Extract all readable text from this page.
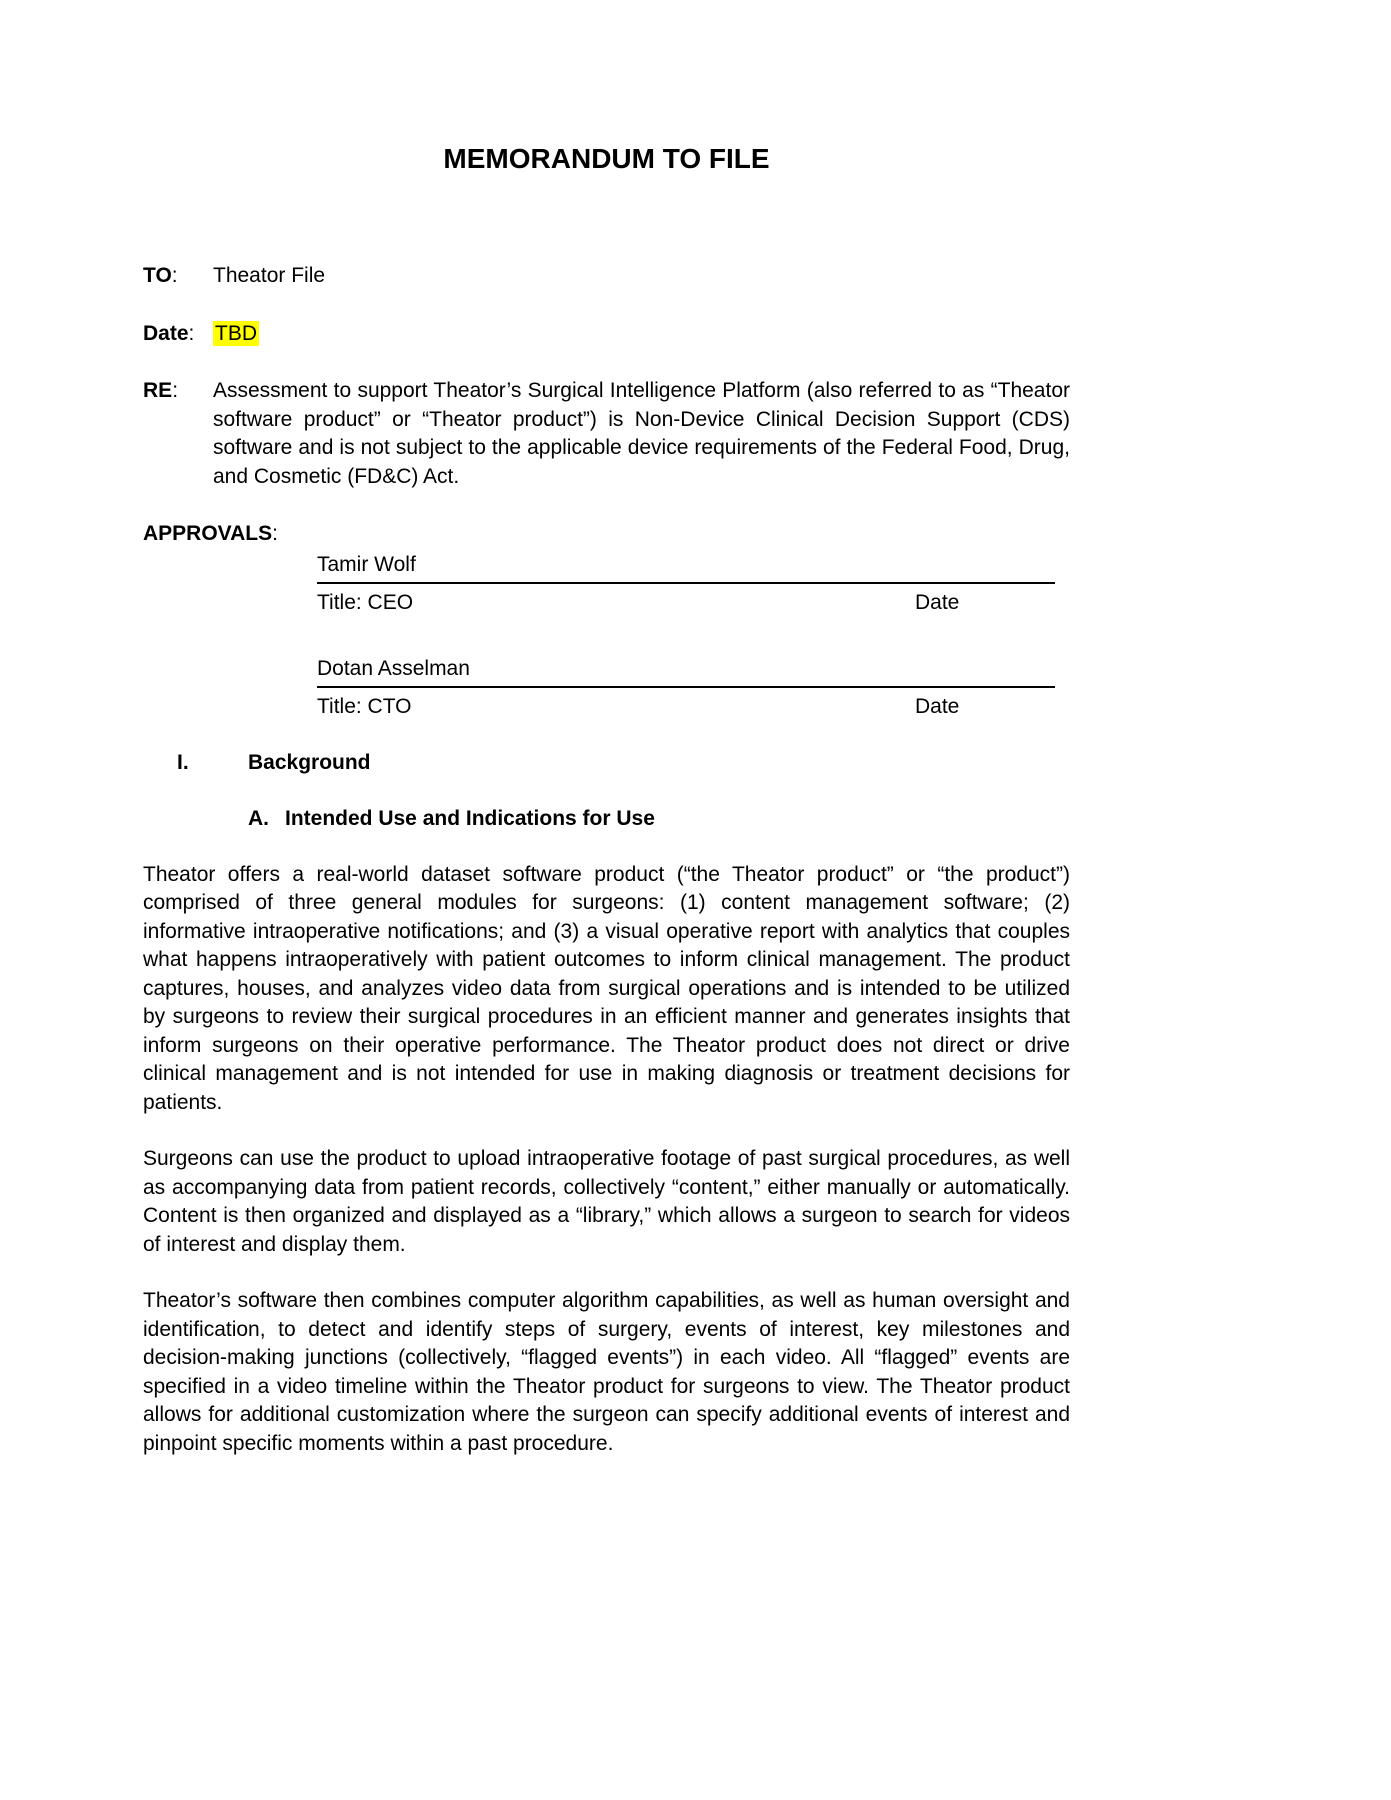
MEMORANDUM TO FILE
TO:	Theator File
Date: TBD
RE:	Assessment to support Theator’s Surgical Intelligence Platform (also referred to as “Theator software product” or “Theator product”) is Non-Device Clinical Decision Support (CDS) software and is not subject to the applicable device requirements of the Federal Food, Drug, and Cosmetic (FD&C) Act.
APPROVALS:
Tamir Wolf
Title: CEO	Date
Dotan Asselman
Title: CTO	Date
I.	Background
A. Intended Use and Indications for Use
Theator offers a real-world dataset software product (“the Theator product” or “the product”) comprised of three general modules for surgeons: (1) content management software; (2) informative intraoperative notifications; and (3) a visual operative report with analytics that couples what happens intraoperatively with patient outcomes to inform clinical management. The product captures, houses, and analyzes video data from surgical operations and is intended to be utilized by surgeons to review their surgical procedures in an efficient manner and generates insights that inform surgeons on their operative performance. The Theator product does not direct or drive clinical management and is not intended for use in making diagnosis or treatment decisions for patients.
Surgeons can use the product to upload intraoperative footage of past surgical procedures, as well as accompanying data from patient records, collectively “content,” either manually or automatically. Content is then organized and displayed as a “library,” which allows a surgeon to search for videos of interest and display them.
Theator’s software then combines computer algorithm capabilities, as well as human oversight and identification, to detect and identify steps of surgery, events of interest, key milestones and decision-making junctions (collectively, “flagged events”) in each video. All “flagged” events are specified in a video timeline within the Theator product for surgeons to view. The Theator product allows for additional customization where the surgeon can specify additional events of interest and pinpoint specific moments within a past procedure.
